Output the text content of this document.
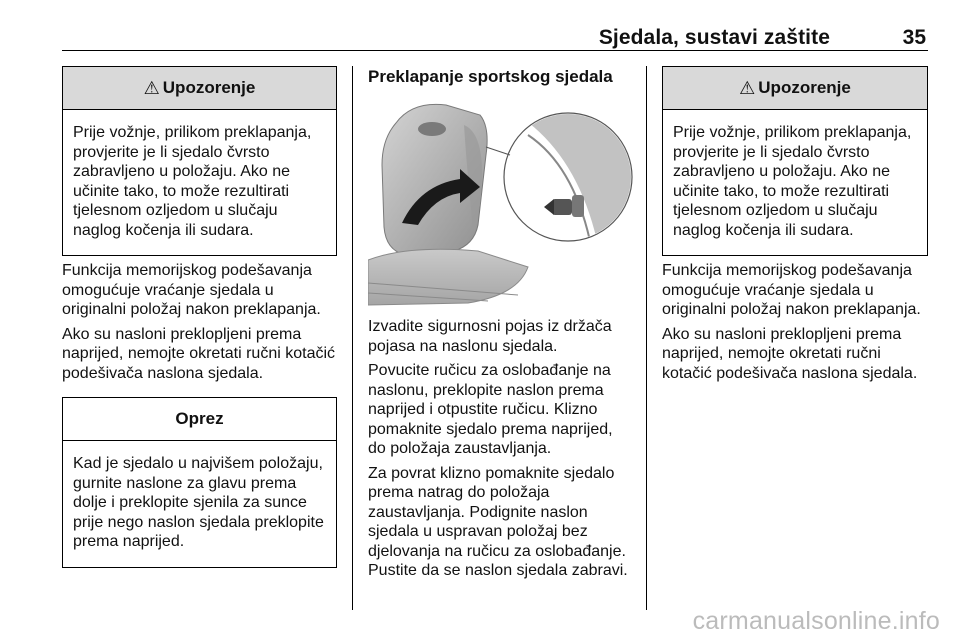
Sjedala, sustavi zaštite	35
⚠ Upozorenje
Prije vožnje, prilikom preklapanja, provjerite je li sjedalo čvrsto zabravljeno u položaju. Ako ne učinite tako, to može rezultirati tjelesnom ozljedom u slučaju naglog kočenja ili sudara.

Funkcija memorijskog podešavanja omogućuje vraćanje sjedala u originalni položaj nakon preklapanja.

Ako su nasloni preklopljeni prema naprijed, nemojte okretati ručni kotačić podešivača naslona sjedala.

Oprez
Kad je sjedalo u najvišem položaju, gurnite naslone za glavu prema dolje i preklopite sjenila za sunce prije nego naslon sjedala preklopite prema naprijed.
Preklapanje sportskog sjedala

Izvadite sigurnosni pojas iz držača pojasa na naslonu sjedala.

Povucite ručicu za oslobađanje na naslonu, preklopite naslon prema naprijed i otpustite ručicu. Klizno pomaknite sjedalo prema naprijed, do položaja zaustavljanja.

Za povrat klizno pomaknite sjedalo prema natrag do položaja zaustavljanja. Podignite naslon sjedala u uspravan položaj bez djelovanja na ručicu za oslobađanje. Pustite da se naslon sjedala zabravi.

⚠ Upozorenje
Prije vožnje, prilikom preklapanja, provjerite je li sjedalo čvrsto zabravljeno u položaju. Ako ne učinite tako, to može rezultirati tjelesnom ozljedom u slučaju naglog kočenja ili sudara.

Funkcija memorijskog podešavanja omogućuje vraćanje sjedala u originalni položaj nakon preklapanja.

Ako su nasloni preklopljeni prema naprijed, nemojte okretati ručni kotačić podešivača naslona sjedala.

carmanualsonline.info
